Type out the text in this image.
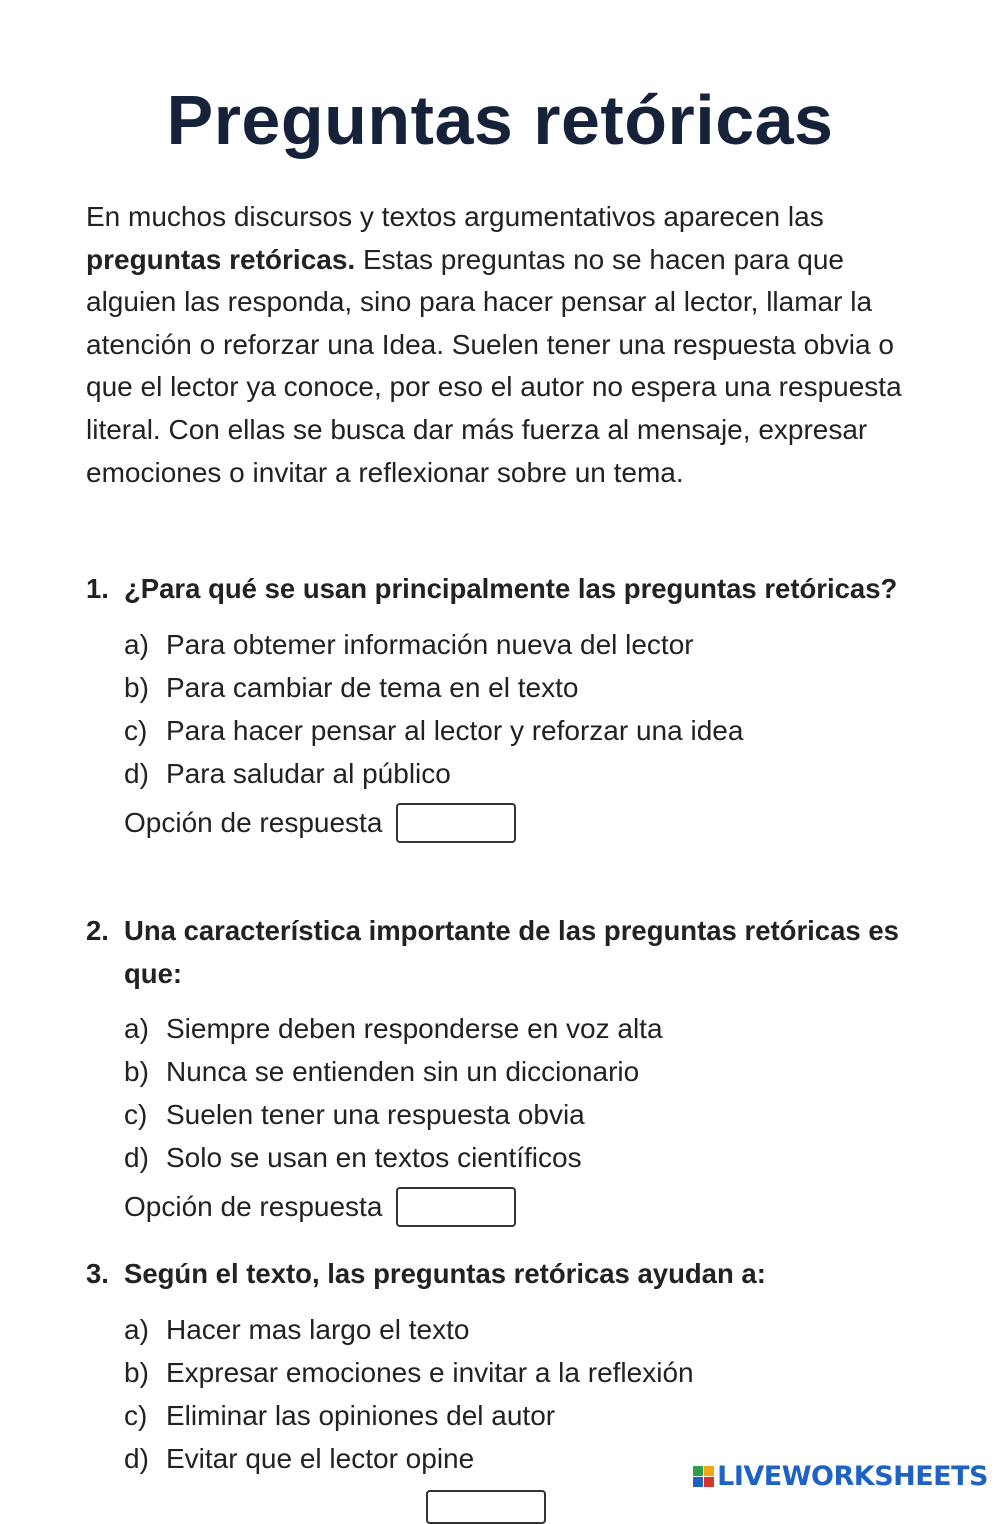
Preguntas retóricas

En muchos discursos y textos argumentativos aparecen las preguntas retóricas. Estas preguntas no se hacen para que alguien las responda, sino para hacer pensar al lector, llamar la atención o reforzar una Idea. Suelen tener una respuesta obvia o que el lector ya conoce, por eso el autor no espera una respuesta literal. Con ellas se busca dar más fuerza al mensaje, expresar emociones o invitar a reflexionar sobre un tema.

1. ¿Para qué se usan principalmente las preguntas retóricas?

a) Para obtemer información nueva del lector
b) Para cambiar de tema en el texto
c) Para hacer pensar al lector y reforzar una idea
d) Para saludar al público
Opción de respuesta

2. Una característica importante de las preguntas retóricas es que:

a) Siempre deben responderse en voz alta
b) Nunca se entienden sin un diccionario
c) Suelen tener una respuesta obvia
d) Solo se usan en textos científicos
Opción de respuesta

3. Según el texto, las preguntas retóricas ayudan a:

a) Hacer mas largo el texto
b) Expresar emociones e invitar a la reflexión
c) Eliminar las opiniones del autor
d) Evitar que el lector opine
LIVEWORKSHEETS
